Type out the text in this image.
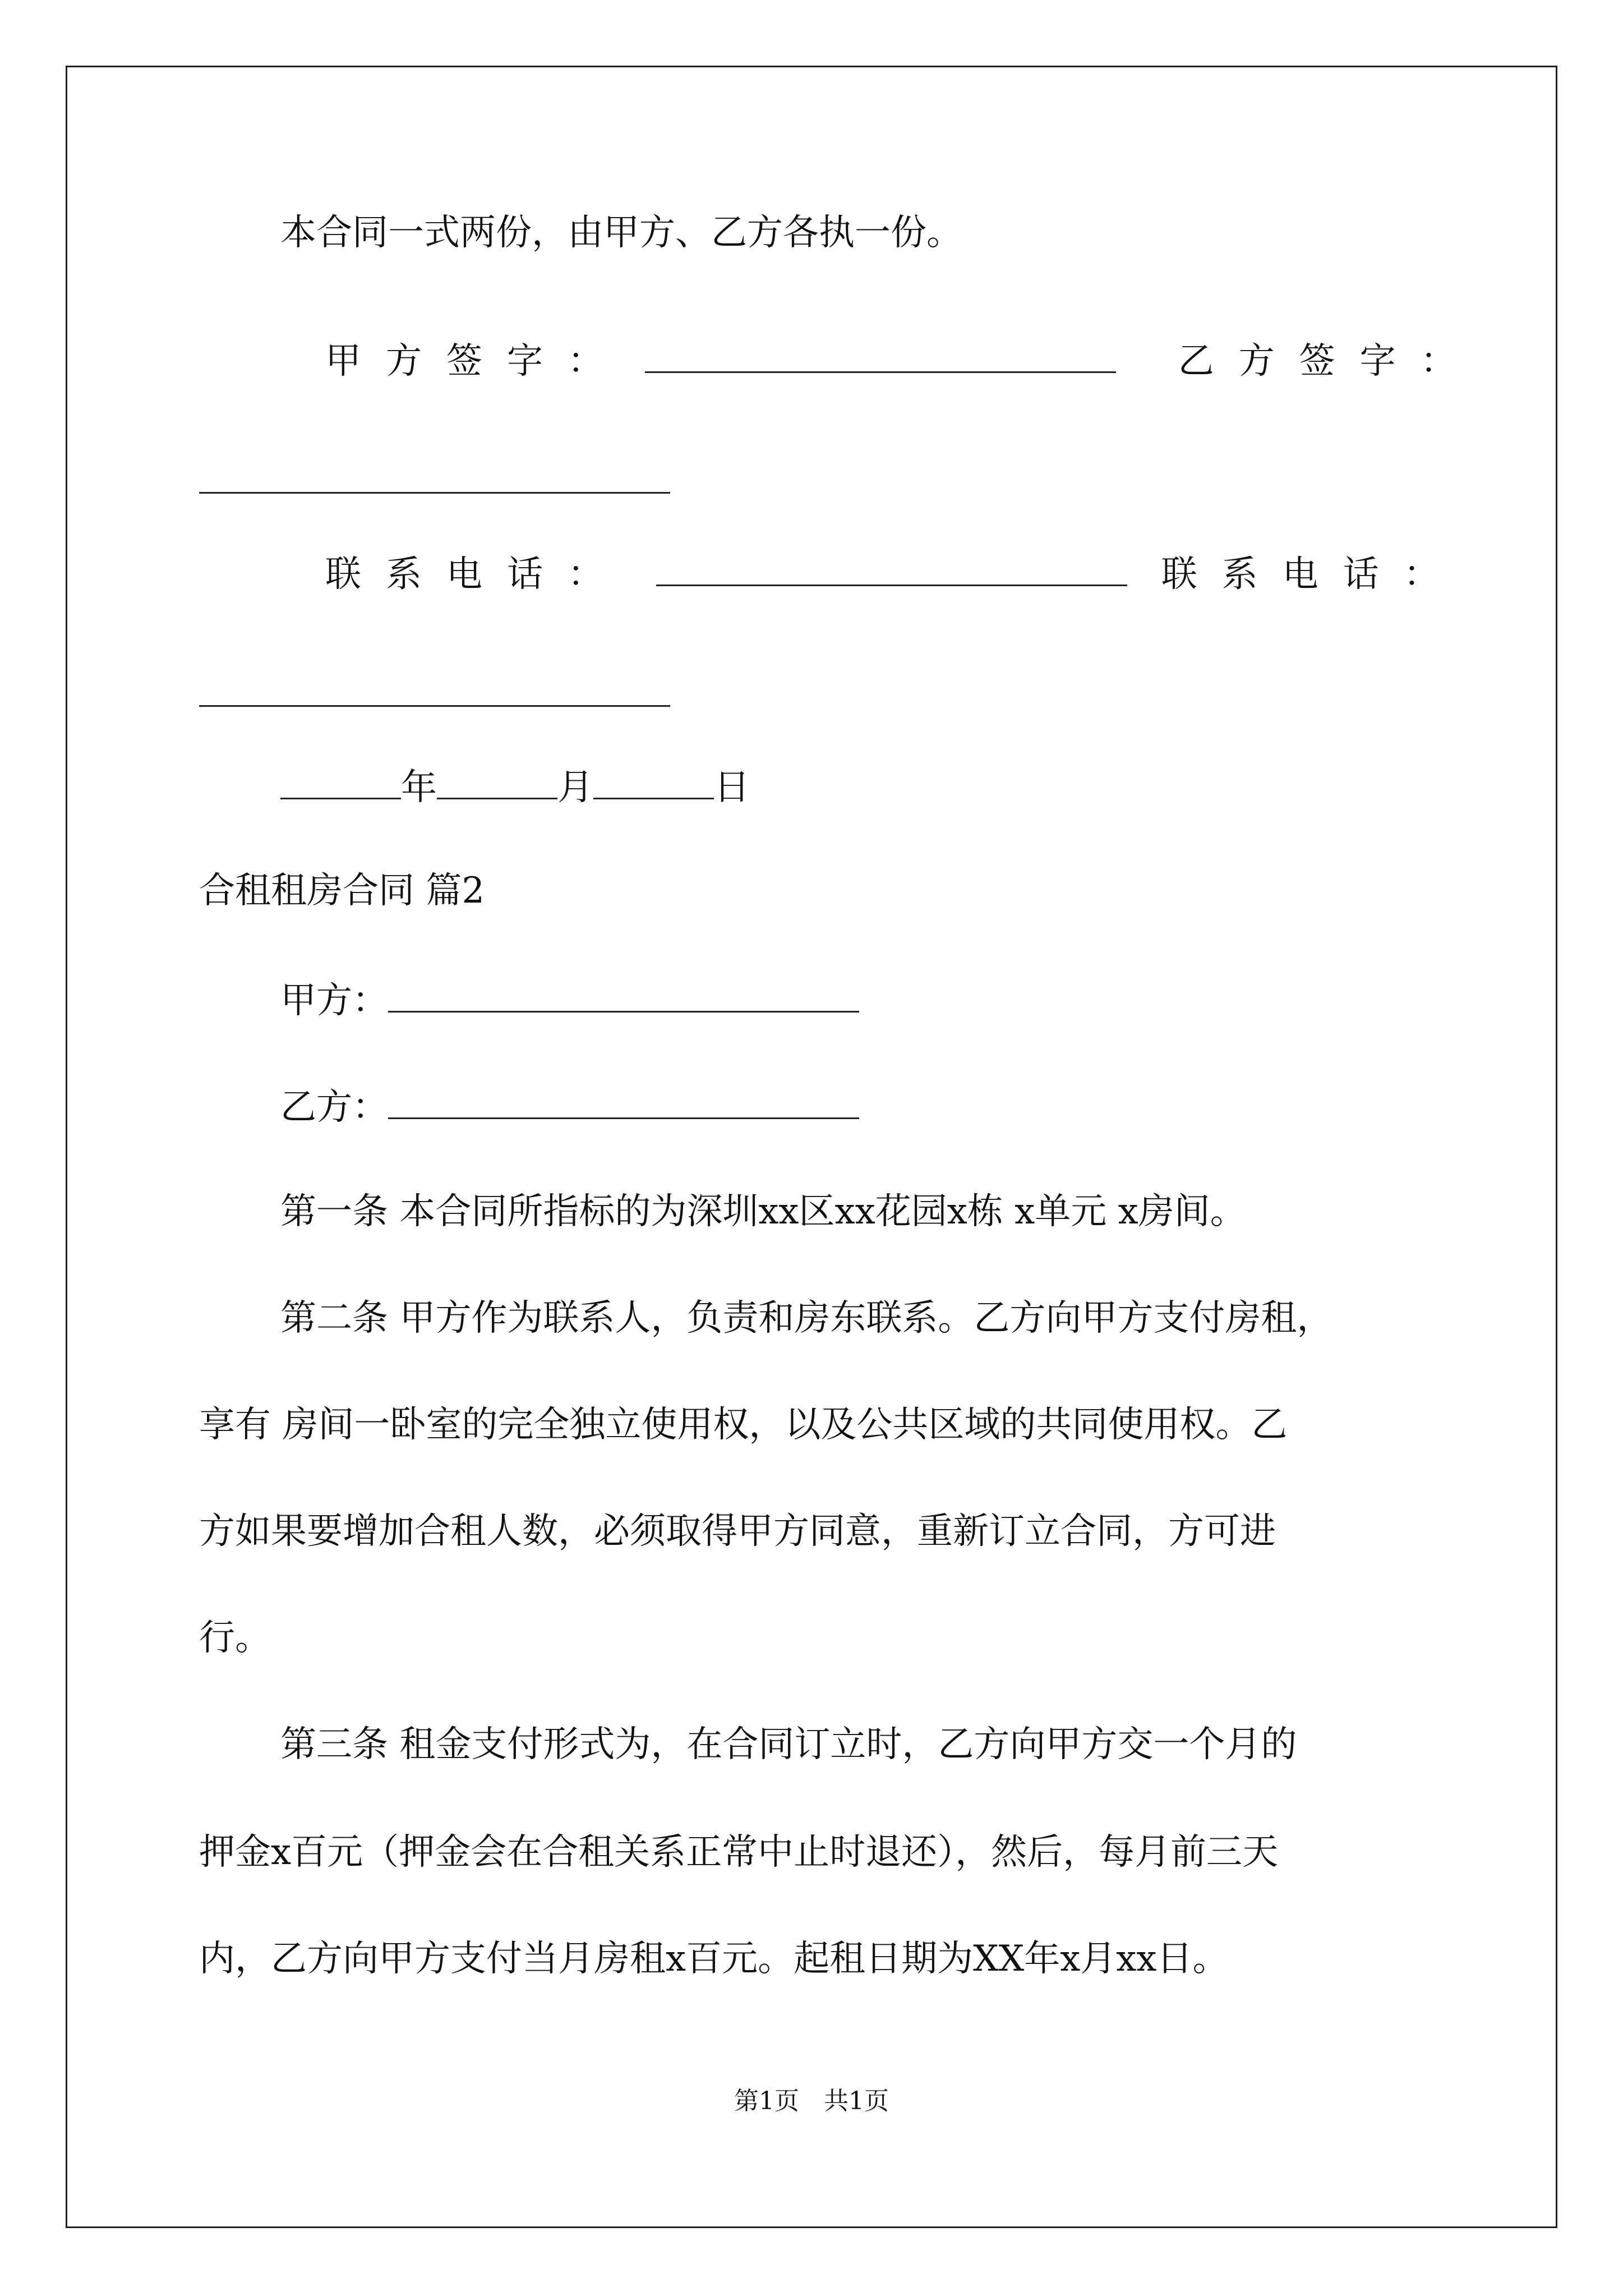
本合同一式两份，由甲方、乙方各执一份。
甲方签字：	乙方签字：
联系电话：	联系电话：
年	月	日
合租租房合同 篇2
甲方：
乙方：
第一条 本合同所指标的为深圳xx区xx花园x栋 x单元 x房间。
第二条 甲方作为联系人，负责和房东联系。乙方向甲方支付房租，
享有 房间一卧室的完全独立使用权，以及公共区域的共同使用权。乙
方如果要增加合租人数，必须取得甲方同意，重新订立合同，方可进
行。
第三条 租金支付形式为，在合同订立时，乙方向甲方交一个月的
押金x百元（押金会在合租关系正常中止时退还），然后，每月前三天
内，乙方向甲方支付当月房租x百元。起租日期为XX年x月xx日。
第1页　共1页
